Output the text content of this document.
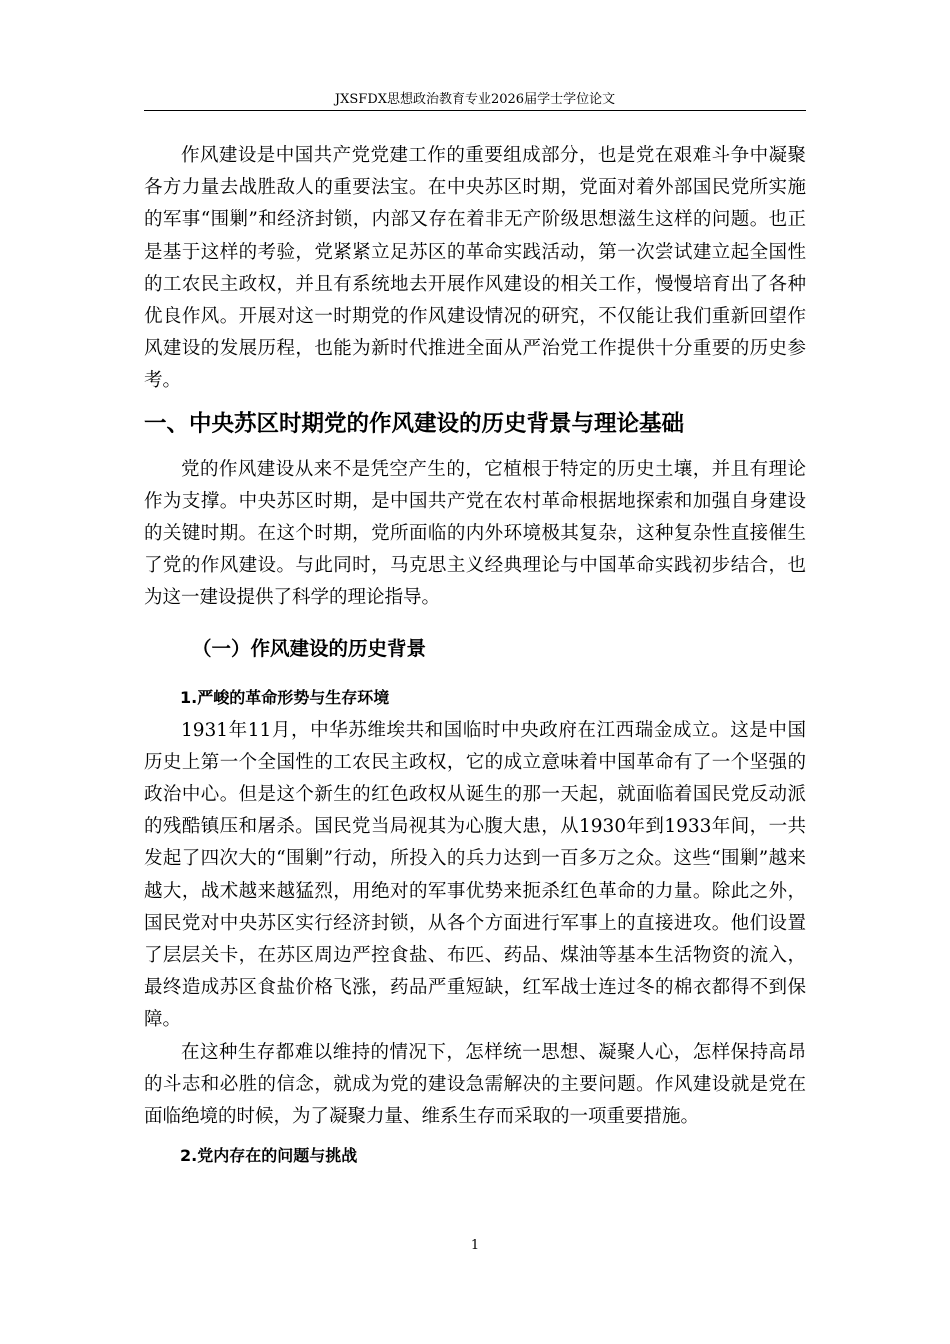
JXSFDX思想政治教育专业2026届学士学位论文

作风建设是中国共产党党建工作的重要组成部分，也是党在艰难斗争中凝聚各方力量去战胜敌人的重要法宝。在中央苏区时期，党面对着外部国民党所实施的军事“围剿”和经济封锁，内部又存在着非无产阶级思想滋生这样的问题。也正是基于这样的考验，党紧紧立足苏区的革命实践活动，第一次尝试建立起全国性的工农民主政权，并且有系统地去开展作风建设的相关工作，慢慢培育出了各种优良作风。开展对这一时期党的作风建设情况的研究，不仅能让我们重新回望作风建设的发展历程，也能为新时代推进全面从严治党工作提供十分重要的历史参考。

一、中央苏区时期党的作风建设的历史背景与理论基础

党的作风建设从来不是凭空产生的，它植根于特定的历史土壤，并且有理论作为支撑。中央苏区时期，是中国共产党在农村革命根据地探索和加强自身建设的关键时期。在这个时期，党所面临的内外环境极其复杂，这种复杂性直接催生了党的作风建设。与此同时，马克思主义经典理论与中国革命实践初步结合，也为这一建设提供了科学的理论指导。

（一）作风建设的历史背景
1.严峻的革命形势与生存环境

1931年11月，中华苏维埃共和国临时中央政府在江西瑞金成立。这是中国历史上第一个全国性的工农民主政权，它的成立意味着中国革命有了一个坚强的政治中心。但是这个新生的红色政权从诞生的那一天起，就面临着国民党反动派的残酷镇压和屠杀。国民党当局视其为心腹大患，从1930年到1933年间，一共发起了四次大的“围剿”行动，所投入的兵力达到一百多万之众。这些“围剿”越来越大，战术越来越猛烈，用绝对的军事优势来扼杀红色革命的力量。除此之外，国民党对中央苏区实行经济封锁，从各个方面进行军事上的直接进攻。他们设置了层层关卡，在苏区周边严控食盐、布匹、药品、煤油等基本生活物资的流入，最终造成苏区食盐价格飞涨，药品严重短缺，红军战士连过冬的棉衣都得不到保障。

在这种生存都难以维持的情况下，怎样统一思想、凝聚人心，怎样保持高昂的斗志和必胜的信念，就成为党的建设急需解决的主要问题。作风建设就是党在面临绝境的时候，为了凝聚力量、维系生存而采取的一项重要措施。

2.党内存在的问题与挑战
1
